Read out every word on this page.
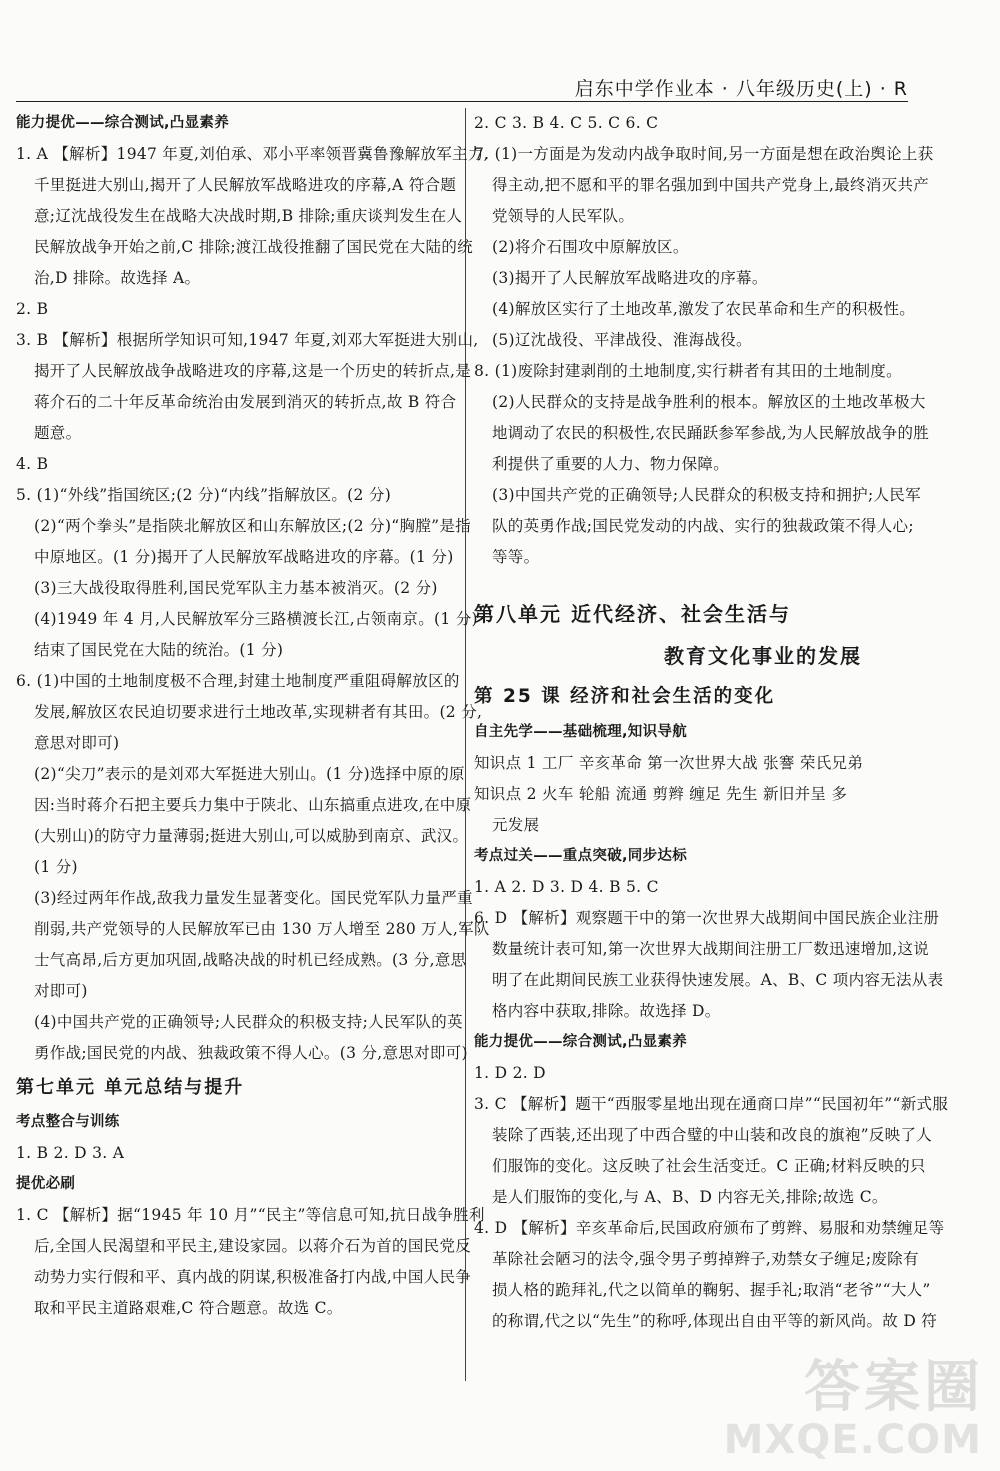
启东中学作业本 · 八年级历史(上) · R
能力提优——综合测试,凸显素养
1. A 【解析】1947 年夏,刘伯承、邓小平率领晋冀鲁豫解放军主力,
千里挺进大别山,揭开了人民解放军战略进攻的序幕,A 符合题
意;辽沈战役发生在战略大决战时期,B 排除;重庆谈判发生在人
民解放战争开始之前,C 排除;渡江战役推翻了国民党在大陆的统
治,D 排除。故选择 A。
2. B
3. B 【解析】根据所学知识可知,1947 年夏,刘邓大军挺进大别山,
揭开了人民解放战争战略进攻的序幕,这是一个历史的转折点,是
蒋介石的二十年反革命统治由发展到消灭的转折点,故 B 符合
题意。
4. B
5. (1)“外线”指国统区;(2 分)“内线”指解放区。(2 分)
(2)“两个拳头”是指陕北解放区和山东解放区;(2 分)“胸膛”是指
中原地区。(1 分)揭开了人民解放军战略进攻的序幕。(1 分)
(3)三大战役取得胜利,国民党军队主力基本被消灭。(2 分)
(4)1949 年 4 月,人民解放军分三路横渡长江,占领南京。(1 分)
结束了国民党在大陆的统治。(1 分)
6. (1)中国的土地制度极不合理,封建土地制度严重阻碍解放区的
发展,解放区农民迫切要求进行土地改革,实现耕者有其田。(2 分,
意思对即可)
(2)“尖刀”表示的是刘邓大军挺进大别山。(1 分)选择中原的原
因:当时蒋介石把主要兵力集中于陕北、山东搞重点进攻,在中原
(大别山)的防守力量薄弱;挺进大别山,可以威胁到南京、武汉。
(1 分)
(3)经过两年作战,敌我力量发生显著变化。国民党军队力量严重
削弱,共产党领导的人民解放军已由 130 万人增至 280 万人,军队
士气高昂,后方更加巩固,战略决战的时机已经成熟。(3 分,意思
对即可)
(4)中国共产党的正确领导;人民群众的积极支持;人民军队的英
勇作战;国民党的内战、独裁政策不得人心。(3 分,意思对即可)
第七单元 单元总结与提升
考点整合与训练
1. B 2. D 3. A
提优必刷
1. C 【解析】据“1945 年 10 月”“民主”等信息可知,抗日战争胜利
后,全国人民渴望和平民主,建设家园。以蒋介石为首的国民党反
动势力实行假和平、真内战的阴谋,积极准备打内战,中国人民争
取和平民主道路艰难,C 符合题意。故选 C。
2. C 3. B 4. C 5. C 6. C
7. (1)一方面是为发动内战争取时间,另一方面是想在政治舆论上获
得主动,把不愿和平的罪名强加到中国共产党身上,最终消灭共产
党领导的人民军队。
(2)将介石围攻中原解放区。
(3)揭开了人民解放军战略进攻的序幕。
(4)解放区实行了土地改革,激发了农民革命和生产的积极性。
(5)辽沈战役、平津战役、淮海战役。
8. (1)废除封建剥削的土地制度,实行耕者有其田的土地制度。
(2)人民群众的支持是战争胜利的根本。解放区的土地改革极大
地调动了农民的积极性,农民踊跃参军参战,为人民解放战争的胜
利提供了重要的人力、物力保障。
(3)中国共产党的正确领导;人民群众的积极支持和拥护;人民军
队的英勇作战;国民党发动的内战、实行的独裁政策不得人心;
等等。
第八单元 近代经济、社会生活与
教育文化事业的发展
第 25 课 经济和社会生活的变化
自主先学——基础梳理,知识导航
知识点 1 工厂 辛亥革命 第一次世界大战 张謇 荣氏兄弟
知识点 2 火车 轮船 流通 剪辫 缠足 先生 新旧并呈 多
元发展
考点过关——重点突破,同步达标
1. A 2. D 3. D 4. B 5. C
6. D 【解析】观察题干中的第一次世界大战期间中国民族企业注册
数量统计表可知,第一次世界大战期间注册工厂数迅速增加,这说
明了在此期间民族工业获得快速发展。A、B、C 项内容无法从表
格内容中获取,排除。故选择 D。
能力提优——综合测试,凸显素养
1. D 2. D
3. C 【解析】题干“西服零星地出现在通商口岸”“民国初年”“新式服
装除了西装,还出现了中西合璧的中山装和改良的旗袍”反映了人
们服饰的变化。这反映了社会生活变迁。C 正确;材料反映的只
是人们服饰的变化,与 A、B、D 内容无关,排除;故选 C。
4. D 【解析】辛亥革命后,民国政府颁布了剪辫、易服和劝禁缠足等
革除社会陋习的法令,强令男子剪掉辫子,劝禁女子缠足;废除有
损人格的跪拜礼,代之以简单的鞠躬、握手礼;取消“老爷”“大人”
的称谓,代之以“先生”的称呼,体现出自由平等的新风尚。故 D 符
答案圈
MXQE.COM
